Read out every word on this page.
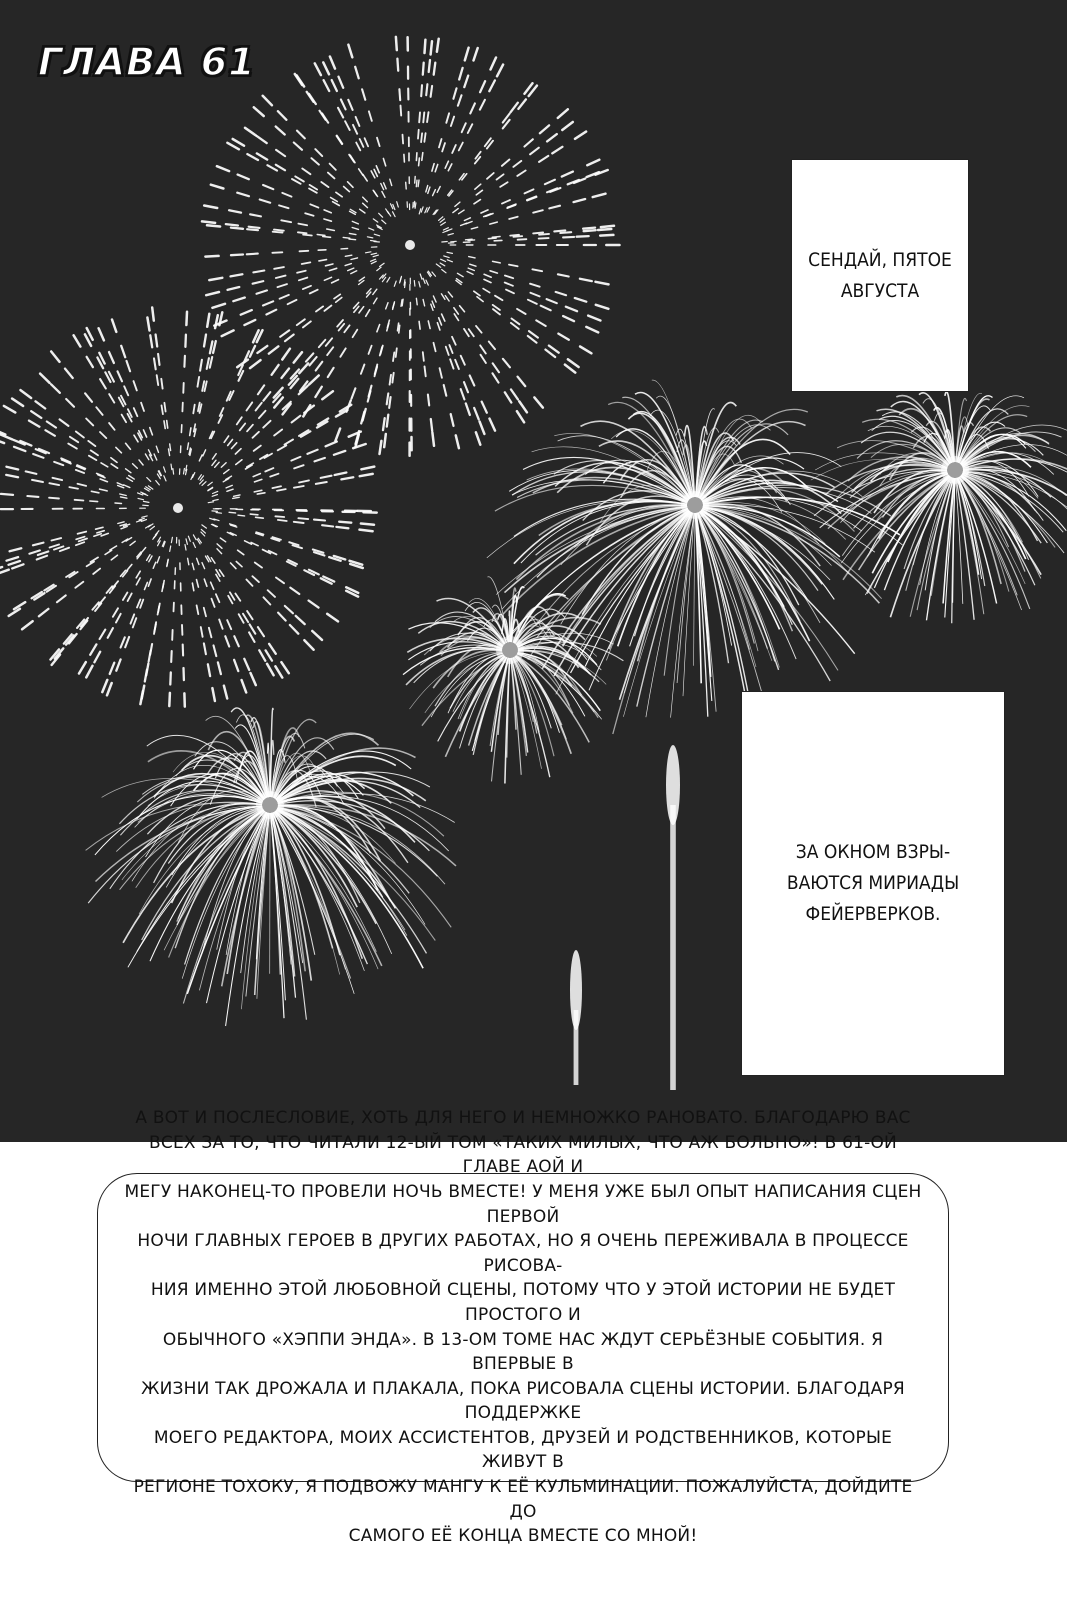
ГЛАВА 61
СЕНДАЙ, ПЯТОЕ
АВГУСТА
ЗА ОКНОМ ВЗРЫ-
ВАЮТСЯ МИРИАДЫ
ФЕЙЕРВЕРКОВ.
А ВОТ И ПОСЛЕСЛОВИЕ, ХОТЬ ДЛЯ НЕГО И НЕМНОЖКО РАНОВАТО. БЛАГОДАРЮ ВАС
ВСЕХ ЗА ТО, ЧТО ЧИТАЛИ 12-ЫЙ ТОМ «ТАКИХ МИЛЫХ, ЧТО АЖ БОЛЬНО»! В 61-ОЙ ГЛАВЕ АОЙ И
МЕГУ НАКОНЕЦ-ТО ПРОВЕЛИ НОЧЬ ВМЕСТЕ! У МЕНЯ УЖЕ БЫЛ ОПЫТ НАПИСАНИЯ СЦЕН ПЕРВОЙ
НОЧИ ГЛАВНЫХ ГЕРОЕВ В ДРУГИХ РАБОТАХ, НО Я ОЧЕНЬ ПЕРЕЖИВАЛА В ПРОЦЕССЕ РИСОВА-
НИЯ ИМЕННО ЭТОЙ ЛЮБОВНОЙ СЦЕНЫ, ПОТОМУ ЧТО У ЭТОЙ ИСТОРИИ НЕ БУДЕТ ПРОСТОГО И
ОБЫЧНОГО «ХЭППИ ЭНДА». В 13-ОМ ТОМЕ НАС ЖДУТ СЕРЬЁЗНЫЕ СОБЫТИЯ. Я ВПЕРВЫЕ В
ЖИЗНИ ТАК ДРОЖАЛА И ПЛАКАЛА, ПОКА РИСОВАЛА СЦЕНЫ ИСТОРИИ. БЛАГОДАРЯ ПОДДЕРЖКЕ
МОЕГО РЕДАКТОРА, МОИХ АССИСТЕНТОВ, ДРУЗЕЙ И РОДСТВЕННИКОВ, КОТОРЫЕ ЖИВУТ В
РЕГИОНЕ ТОХОКУ, Я ПОДВОЖУ МАНГУ К ЕЁ КУЛЬМИНАЦИИ. ПОЖАЛУЙСТА, ДОЙДИТЕ ДО
САМОГО ЕЁ КОНЦА ВМЕСТЕ СО МНОЙ!
